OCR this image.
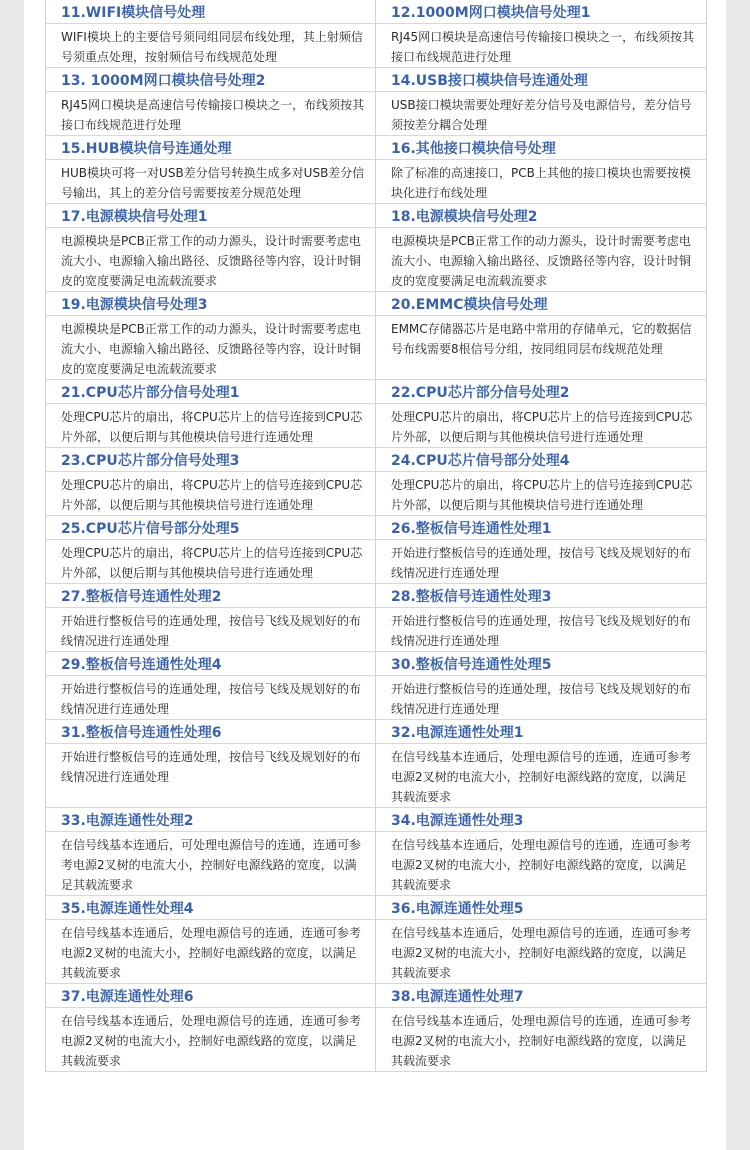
11.WIFI模块信号处理	12.1000M网口模块信号处理1
WIFI模块上的主要信号须同组同层布线处理，其上射频信号须重点处理，按射频信号布线规范处理
RJ45网口模块是高速信号传输接口模块之一，布线须按其接口布线规范进行处理
13. 1000M网口模块信号处理2	14.USB接口模块信号连通处理
RJ45网口模块是高速信号传输接口模块之一，布线须按其接口布线规范进行处理
USB接口模块需要处理好差分信号及电源信号，差分信号须按差分耦合处理
15.HUB模块信号连通处理	16.其他接口模块信号处理
HUB模块可将一对USB差分信号转换生成多对USB差分信号输出，其上的差分信号需要按差分规范处理
除了标准的高速接口，PCB上其他的接口模块也需要按模块化进行布线处理
17.电源模块信号处理1	18.电源模块信号处理2
电源模块是PCB正常工作的动力源头，设计时需要考虑电流大小、电源输入输出路径、反馈路径等内容，设计时铜皮的宽度要满足电流载流要求
电源模块是PCB正常工作的动力源头，设计时需要考虑电流大小、电源输入输出路径、反馈路径等内容，设计时铜皮的宽度要满足电流载流要求
19.电源模块信号处理3	20.EMMC模块信号处理
电源模块是PCB正常工作的动力源头，设计时需要考虑电流大小、电源输入输出路径、反馈路径等内容，设计时铜皮的宽度要满足电流载流要求
EMMC存储器芯片是电路中常用的存储单元，它的数据信号布线需要8根信号分组，按同组同层布线规范处理
21.CPU芯片部分信号处理1	22.CPU芯片部分信号处理2
处理CPU芯片的扇出，将CPU芯片上的信号连接到CPU芯片外部，以便后期与其他模块信号进行连通处理
处理CPU芯片的扇出，将CPU芯片上的信号连接到CPU芯片外部，以便后期与其他模块信号进行连通处理
23.CPU芯片部分信号处理3	24.CPU芯片信号部分处理4
处理CPU芯片的扇出，将CPU芯片上的信号连接到CPU芯片外部，以便后期与其他模块信号进行连通处理
处理CPU芯片的扇出，将CPU芯片上的信号连接到CPU芯片外部，以便后期与其他模块信号进行连通处理
25.CPU芯片信号部分处理5	26.整板信号连通性处理1
处理CPU芯片的扇出，将CPU芯片上的信号连接到CPU芯片外部，以便后期与其他模块信号进行连通处理
开始进行整板信号的连通处理，按信号飞线及规划好的布线情况进行连通处理
27.整板信号连通性处理2	28.整板信号连通性处理3
开始进行整板信号的连通处理，按信号飞线及规划好的布线情况进行连通处理
开始进行整板信号的连通处理，按信号飞线及规划好的布线情况进行连通处理
29.整板信号连通性处理4	30.整板信号连通性处理5
开始进行整板信号的连通处理，按信号飞线及规划好的布线情况进行连通处理
开始进行整板信号的连通处理，按信号飞线及规划好的布线情况进行连通处理
31.整板信号连通性处理6	32.电源连通性处理1
开始进行整板信号的连通处理，按信号飞线及规划好的布线情况进行连通处理
在信号线基本连通后，处理电源信号的连通，连通可参考电源2叉树的电流大小，控制好电源线路的宽度，以满足其载流要求
33.电源连通性处理2	34.电源连通性处理3
在信号线基本连通后，可处理电源信号的连通，连通可参考电源2叉树的电流大小，控制好电源线路的宽度，以满足其载流要求
在信号线基本连通后，处理电源信号的连通，连通可参考电源2叉树的电流大小，控制好电源线路的宽度，以满足其载流要求
35.电源连通性处理4	36.电源连通性处理5
在信号线基本连通后，处理电源信号的连通，连通可参考电源2叉树的电流大小，控制好电源线路的宽度，以满足其载流要求
在信号线基本连通后，处理电源信号的连通，连通可参考电源2叉树的电流大小，控制好电源线路的宽度，以满足其载流要求
37.电源连通性处理6	38.电源连通性处理7
在信号线基本连通后，处理电源信号的连通，连通可参考电源2叉树的电流大小，控制好电源线路的宽度，以满足其载流要求
在信号线基本连通后，处理电源信号的连通，连通可参考电源2叉树的电流大小，控制好电源线路的宽度，以满足其载流要求
